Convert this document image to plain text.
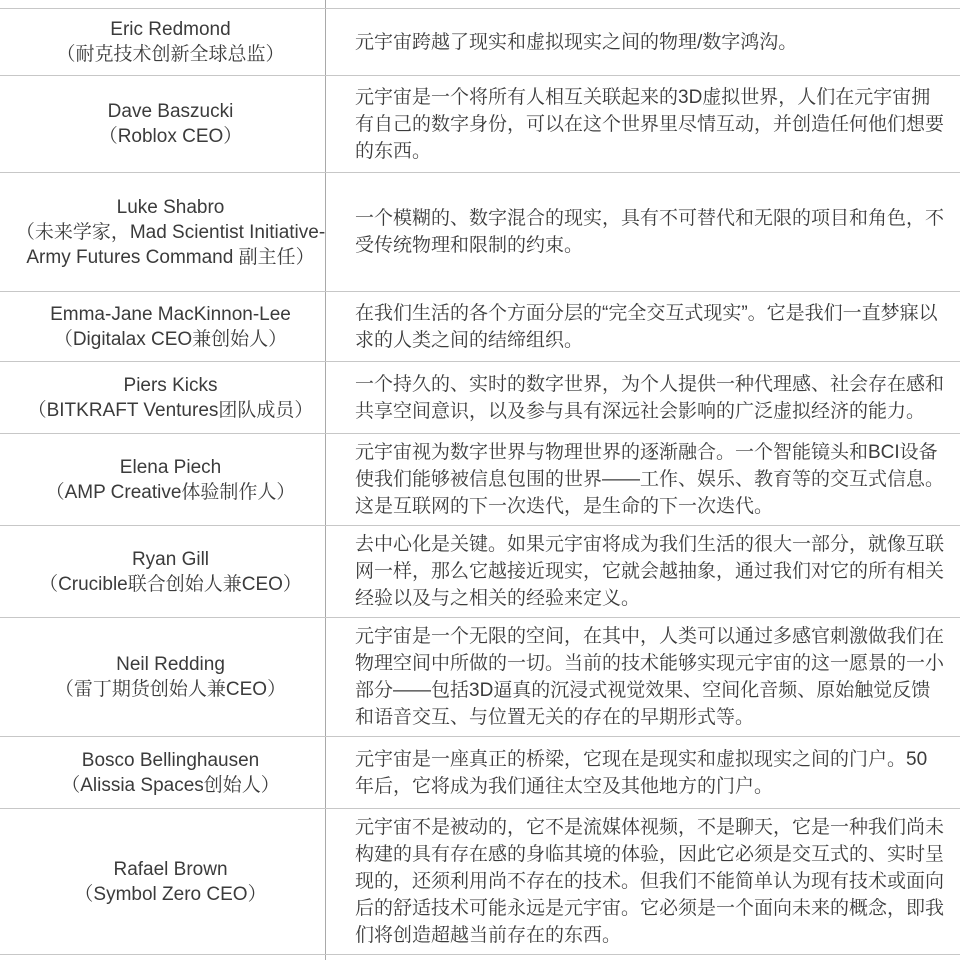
Eric Redmond
（耐克技术创新全球总监）	元宇宙跨越了现实和虚拟现实之间的物理/数字鸿沟。

Dave Baszucki
（Roblox CEO）	元宇宙是一个将所有人相互关联起来的3D虚拟世界，人们在元宇宙拥有自己的数字身份，可以在这个世界里尽情互动，并创造任何他们想要的东西。

Luke Shabro
（未来学家，Mad Scientist Initiative-Army Futures Command 副主任）	一个模糊的、数字混合的现实，具有不可替代和无限的项目和角色，不受传统物理和限制的约束。

Emma-Jane MacKinnon-Lee
（Digitalax CEO兼创始人）	在我们生活的各个方面分层的“完全交互式现实”。它是我们一直梦寐以求的人类之间的结缔组织。

Piers Kicks
（BITKRAFT Ventures团队成员）	一个持久的、实时的数字世界，为个人提供一种代理感、社会存在感和共享空间意识，以及参与具有深远社会影响的广泛虚拟经济的能力。

Elena Piech
（AMP Creative体验制作人）	元宇宙视为数字世界与物理世界的逐渐融合。一个智能镜头和BCI设备使我们能够被信息包围的世界——工作、娱乐、教育等的交互式信息。这是互联网的下一次迭代，是生命的下一次迭代。

Ryan Gill
（Crucible联合创始人兼CEO）	去中心化是关键。如果元宇宙将成为我们生活的很大一部分，就像互联网一样，那么它越接近现实，它就会越抽象，通过我们对它的所有相关经验以及与之相关的经验来定义。

Neil Redding
（雷丁期货创始人兼CEO）	元宇宙是一个无限的空间，在其中，人类可以通过多感官刺激做我们在物理空间中所做的一切。当前的技术能够实现元宇宙的这一愿景的一小部分——包括3D逼真的沉浸式视觉效果、空间化音频、原始触觉反馈和语音交互、与位置无关的存在的早期形式等。

Bosco Bellinghausen
（Alissia Spaces创始人）	元宇宙是一座真正的桥梁，它现在是现实和虚拟现实之间的门户。50年后，它将成为我们通往太空及其他地方的门户。

Rafael Brown
（Symbol Zero CEO）	元宇宙不是被动的，它不是流媒体视频，不是聊天，它是一种我们尚未构建的具有存在感的身临其境的体验，因此它必须是交互式的、实时呈现的，还须利用尚不存在的技术。但我们不能简单认为现有技术或面向后的舒适技术可能永远是元宇宙。它必须是一个面向未来的概念，即我们将创造超越当前存在的东西。
